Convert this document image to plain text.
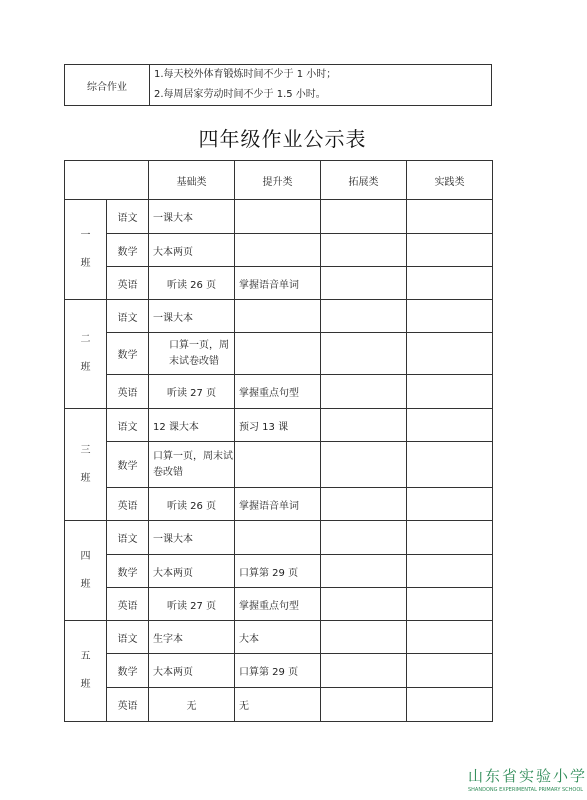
综合作业	
1.每天校外体育锻炼时间不少于 1 小时；
2.每周居家劳动时间不少于 1.5 小时。
四年级作业公示表
		基础类	提升类	拓展类	实践类
一
班	语文	一课大本			
	数学	大本两页			
	英语	听读 26 页	掌握语音单词		
二
班	语文	一课大本			
	数学	口算一页，周末试卷改错			
	英语	听读 27 页	掌握重点句型		
三
班	语文	12 课大本	预习 13 课		
	数学	口算一页，周末试卷改错			
	英语	听读 26 页	掌握语音单词		
四
班	语文	一课大本			
	数学	大本两页	口算第 29 页		
	英语	听读 27 页	掌握重点句型		
五
班	语文	生字本	大本		
	数学	大本两页	口算第 29 页		
	英语	无	无		
山东省实验小学
SHANDONG EXPERIMENTAL PRIMARY SCHOOL
